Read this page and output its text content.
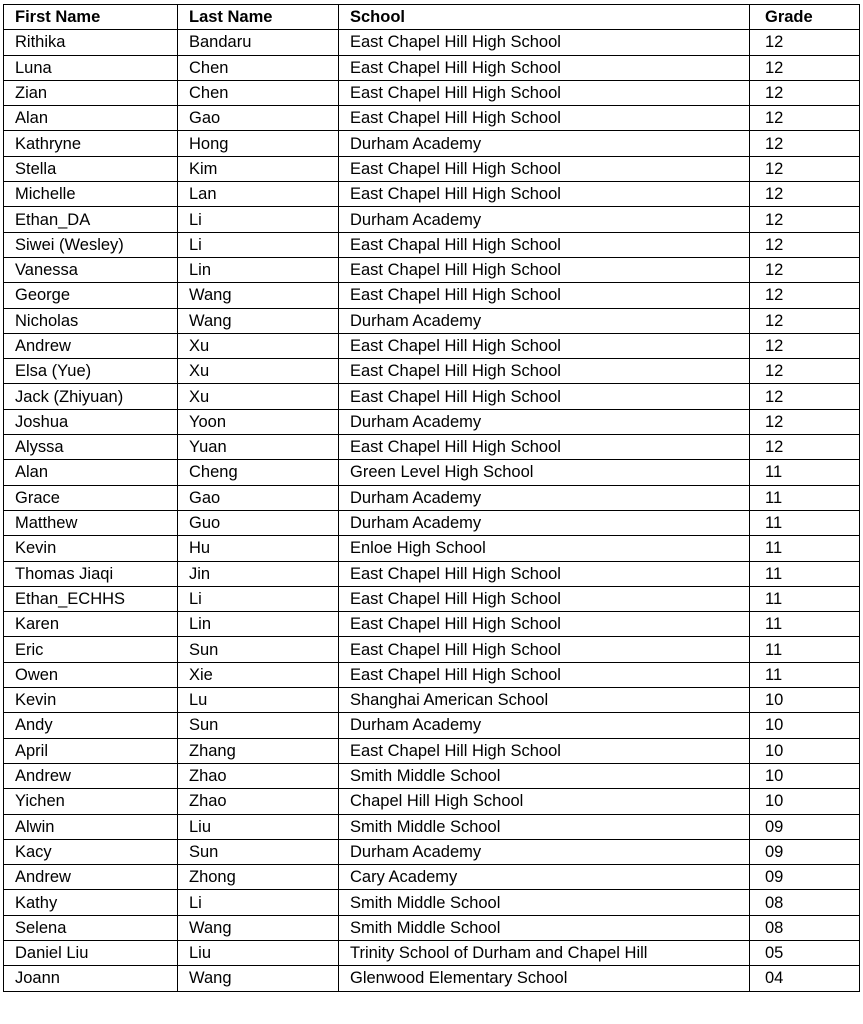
First Name	Last Name	School	Grade
Rithika	Bandaru	East Chapel Hill High School	12
Luna	Chen	East Chapel Hill High School	12
Zian	Chen	East Chapel Hill High School	12
Alan	Gao	East Chapel Hill High School	12
Kathryne	Hong	Durham Academy	12
Stella	Kim	East Chapel Hill High School	12
Michelle	Lan	East Chapel Hill High School	12
Ethan_DA	Li	Durham Academy	12
Siwei (Wesley)	Li	East Chapal Hill High School	12
Vanessa	Lin	East Chapel Hill High School	12
George	Wang	East Chapel Hill High School	12
Nicholas	Wang	Durham Academy	12
Andrew	Xu	East Chapel Hill High School	12
Elsa (Yue)	Xu	East Chapel Hill High School	12
Jack (Zhiyuan)	Xu	East Chapel Hill High School	12
Joshua	Yoon	Durham Academy	12
Alyssa	Yuan	East Chapel Hill High School	12
Alan	Cheng	Green Level High School	11
Grace	Gao	Durham Academy	11
Matthew	Guo	Durham Academy	11
Kevin	Hu	Enloe High School	11
Thomas Jiaqi	Jin	East Chapel Hill High School	11
Ethan_ECHHS	Li	East Chapel Hill High School	11
Karen	Lin	East Chapel Hill High School	11
Eric	Sun	East Chapel Hill High School	11
Owen	Xie	East Chapel Hill High School	11
Kevin	Lu	Shanghai American School	10
Andy	Sun	Durham Academy	10
April	Zhang	East Chapel Hill High School	10
Andrew	Zhao	Smith Middle School	10
Yichen	Zhao	Chapel Hill High School	10
Alwin	Liu	Smith Middle School	09
Kacy	Sun	Durham Academy	09
Andrew	Zhong	Cary Academy	09
Kathy	Li	Smith Middle School	08
Selena	Wang	Smith Middle School	08
Daniel Liu	Liu	Trinity School of Durham and Chapel Hill	05
Joann	Wang	Glenwood Elementary School	04
